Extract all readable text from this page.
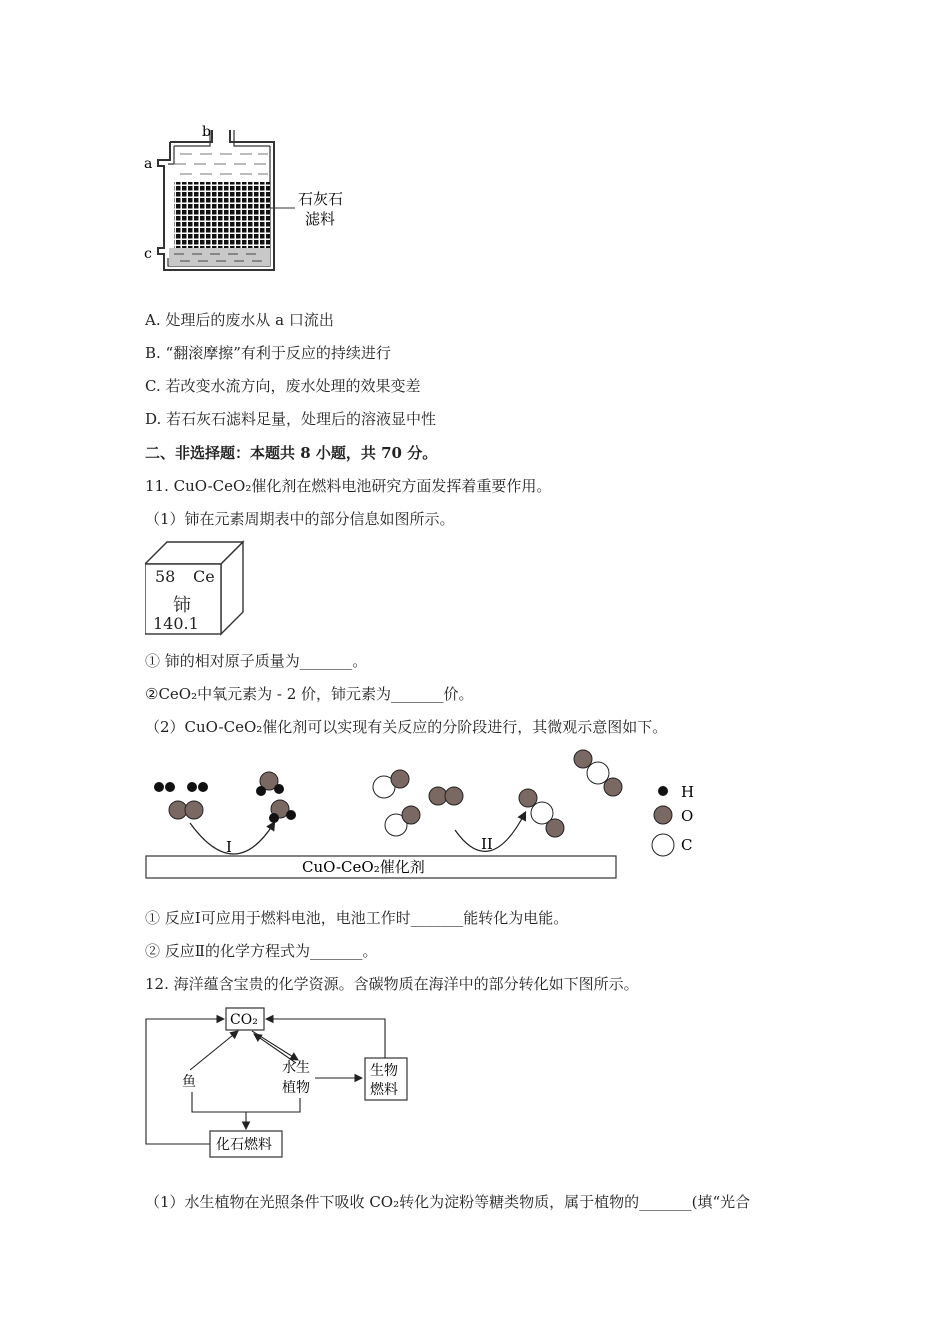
a
b
c
石灰石
滤料
A. 处理后的废水从 a 口流出
B. “翻滚摩擦”有利于反应的持续进行
C. 若改变水流方向，废水处理的效果变差
D. 若石灰石滤料足量，处理后的溶液显中性
二、非选择题：本题共 8 小题，共 70 分。
11. CuO-CeO₂催化剂在燃料电池研究方面发挥着重要作用。
（1）铈在元素周期表中的部分信息如图所示。
58 Ce
铈
140.1
① 铈的相对原子质量为_______。
②CeO₂中氧元素为 - 2 价，铈元素为_______价。
（2）CuO-CeO₂催化剂可以实现有关反应的分阶段进行，其微观示意图如下。
CuO-CeO₂催化剂
I	II
H
O
C
① 反应Ⅰ可应用于燃料电池，电池工作时_______能转化为电能。
② 反应Ⅱ的化学方程式为_______。
12. 海洋蕴含宝贵的化学资源。含碳物质在海洋中的部分转化如下图所示。
CO₂
生物
燃料
化石燃料
水生
植物
鱼
（1）水生植物在光照条件下吸收 CO₂转化为淀粉等糖类物质，属于植物的_______(填“光合
